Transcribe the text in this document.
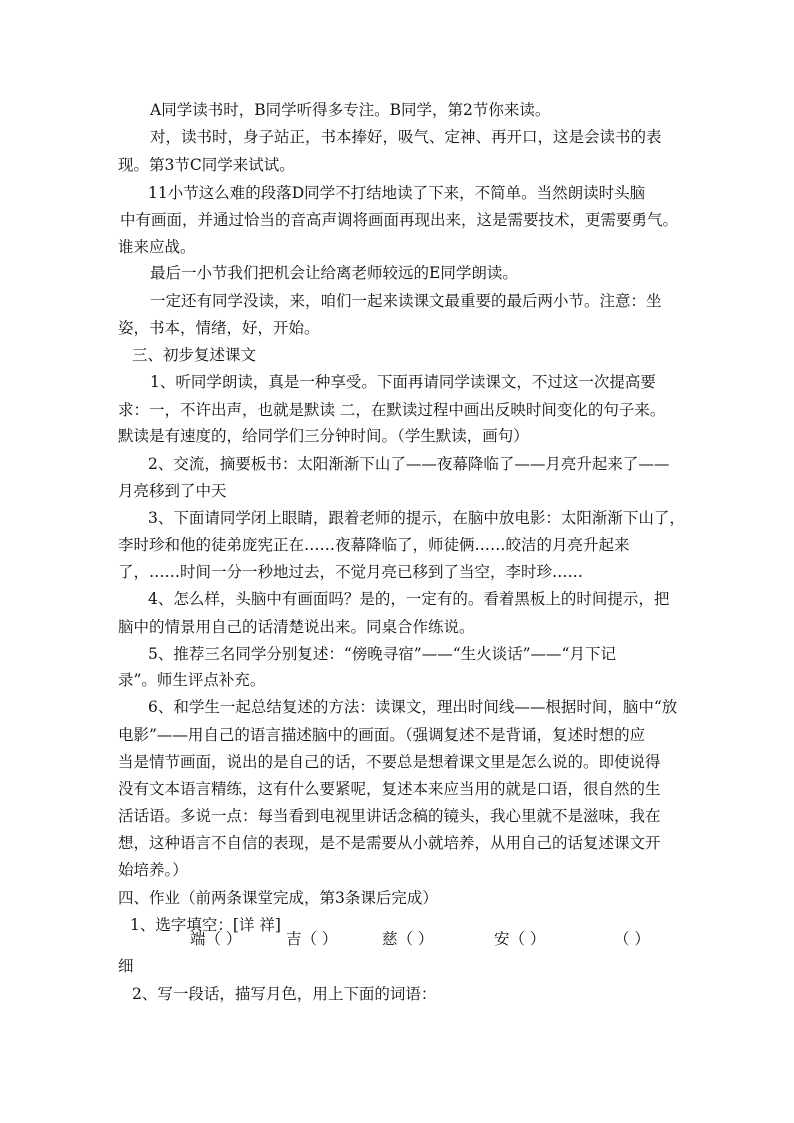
A同学读书时，B同学听得多专注。B同学，第2节你来读。
对，读书时，身子站正，书本捧好，吸气、定神、再开口，这是会读书的表
现。第3节C同学来试试。
11小节这么难的段落D同学不打结地读了下来，不简单。当然朗读时头脑
中有画面，并通过恰当的音高声调将画面再现出来，这是需要技术，更需要勇气。
谁来应战。
最后一小节我们把机会让给离老师较远的E同学朗读。
一定还有同学没读，来，咱们一起来读课文最重要的最后两小节。注意：坐
姿，书本，情绪，好，开始。
三、初步复述课文
1、听同学朗读，真是一种享受。下面再请同学读课文，不过这一次提高要
求：一，不许出声，也就是默读 二，在默读过程中画出反映时间变化的句子来。
默读是有速度的，给同学们三分钟时间。（学生默读，画句）
2、交流，摘要板书：太阳渐渐下山了——夜幕降临了——月亮升起来了——
月亮移到了中天
3、下面请同学闭上眼睛，跟着老师的提示，在脑中放电影：太阳渐渐下山了，
李时珍和他的徒弟庞宪正在……夜幕降临了，师徒俩……皎洁的月亮升起来
了，……时间一分一秒地过去，不觉月亮已移到了当空，李时珍……
4、怎么样，头脑中有画面吗？是的，一定有的。看着黑板上的时间提示，把
脑中的情景用自己的话清楚说出来。同桌合作练说。
5、推荐三名同学分别复述：“傍晚寻宿”——“生火谈话”——“月下记
录”。师生评点补充。
6、和学生一起总结复述的方法：读课文，理出时间线——根据时间，脑中“放
电影”——用自己的语言描述脑中的画面。（强调复述不是背诵，复述时想的应
当是情节画面，说出的是自己的话，不要总是想着课文里是怎么说的。即使说得
没有文本语言精练，这有什么要紧呢，复述本来应当用的就是口语，很自然的生
活话语。多说一点：每当看到电视里讲话念稿的镜头，我心里就不是滋味，我在
想，这种语言不自信的表现，是不是需要从小就培养，从用自己的话复述课文开
始培养。）
四、作业（前两条课堂完成，第3条课后完成）
1、选字填空：[详 祥]
端（ ）	吉（ ）	慈（ ）	安（ ）	（ ）
细
2、写一段话，描写月色，用上下面的词语：
